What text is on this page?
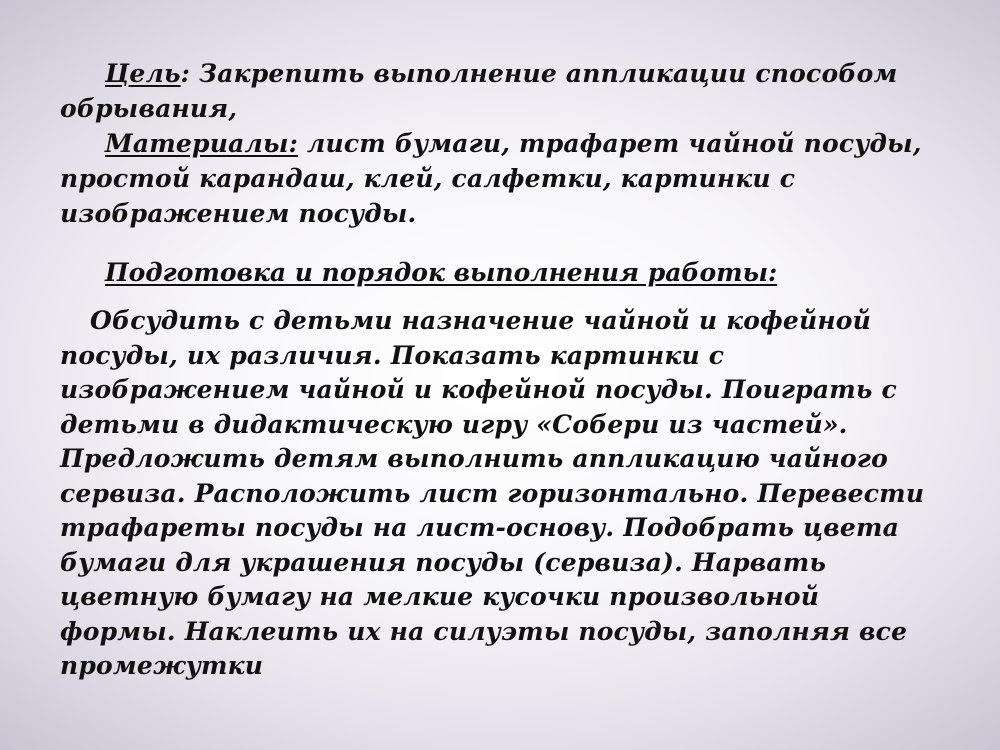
Цель: Закрепить выполнение аппликации способом
обрывания,
Материалы: лист бумаги, трафарет чайной посуды,
простой карандаш, клей, салфетки, картинки с
изображением посуды.
Подготовка и порядок выполнения работы:
Обсудить с детьми назначение чайной и кофейной
посуды, их различия. Показать картинки с
изображением чайной и кофейной посуды. Поиграть с
детьми в дидактическую игру «Собери из частей».
Предложить детям выполнить аппликацию чайного
сервиза. Расположить лист горизонтально. Перевести
трафареты посуды на лист-основу. Подобрать цвета
бумаги для украшения посуды (сервиза). Нарвать
цветную бумагу на мелкие кусочки произвольной
формы. Наклеить их на силуэты посуды, заполняя все
промежутки
